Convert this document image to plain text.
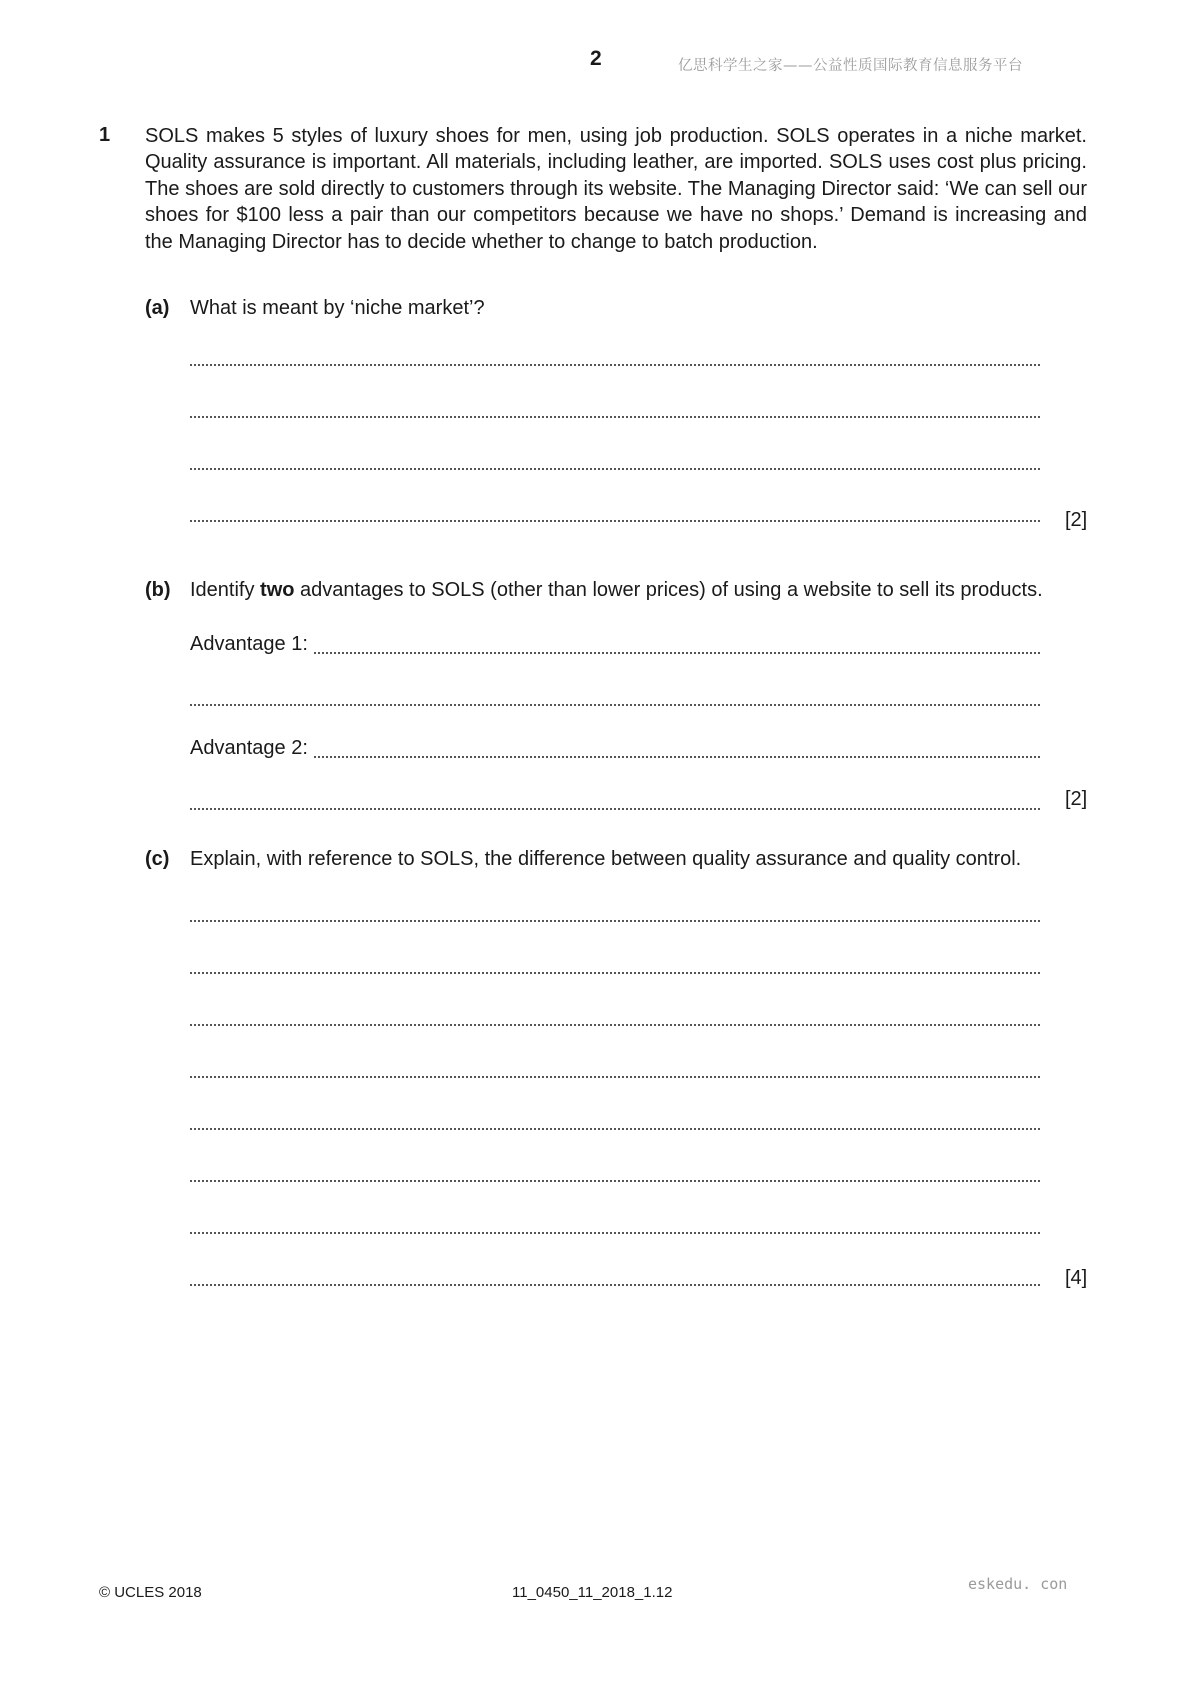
2	亿思科学生之家——公益性质国际教育信息服务平台
1 SOLS makes 5 styles of luxury shoes for men, using job production. SOLS operates in a niche market. Quality assurance is important. All materials, including leather, are imported. SOLS uses cost plus pricing. The shoes are sold directly to customers through its website. The Managing Director said: ‘We can sell our shoes for $100 less a pair than our competitors because we have no shops.’ Demand is increasing and the Managing Director has to decide whether to change to batch production.
(a) What is meant by ‘niche market’?
[2]
(b) Identify two advantages to SOLS (other than lower prices) of using a website to sell its products.
Advantage 1:
Advantage 2:
[2]
(c) Explain, with reference to SOLS, the difference between quality assurance and quality control.
[4]
© UCLES 2018	11_0450_11_2018_1.12	eskedu. con
